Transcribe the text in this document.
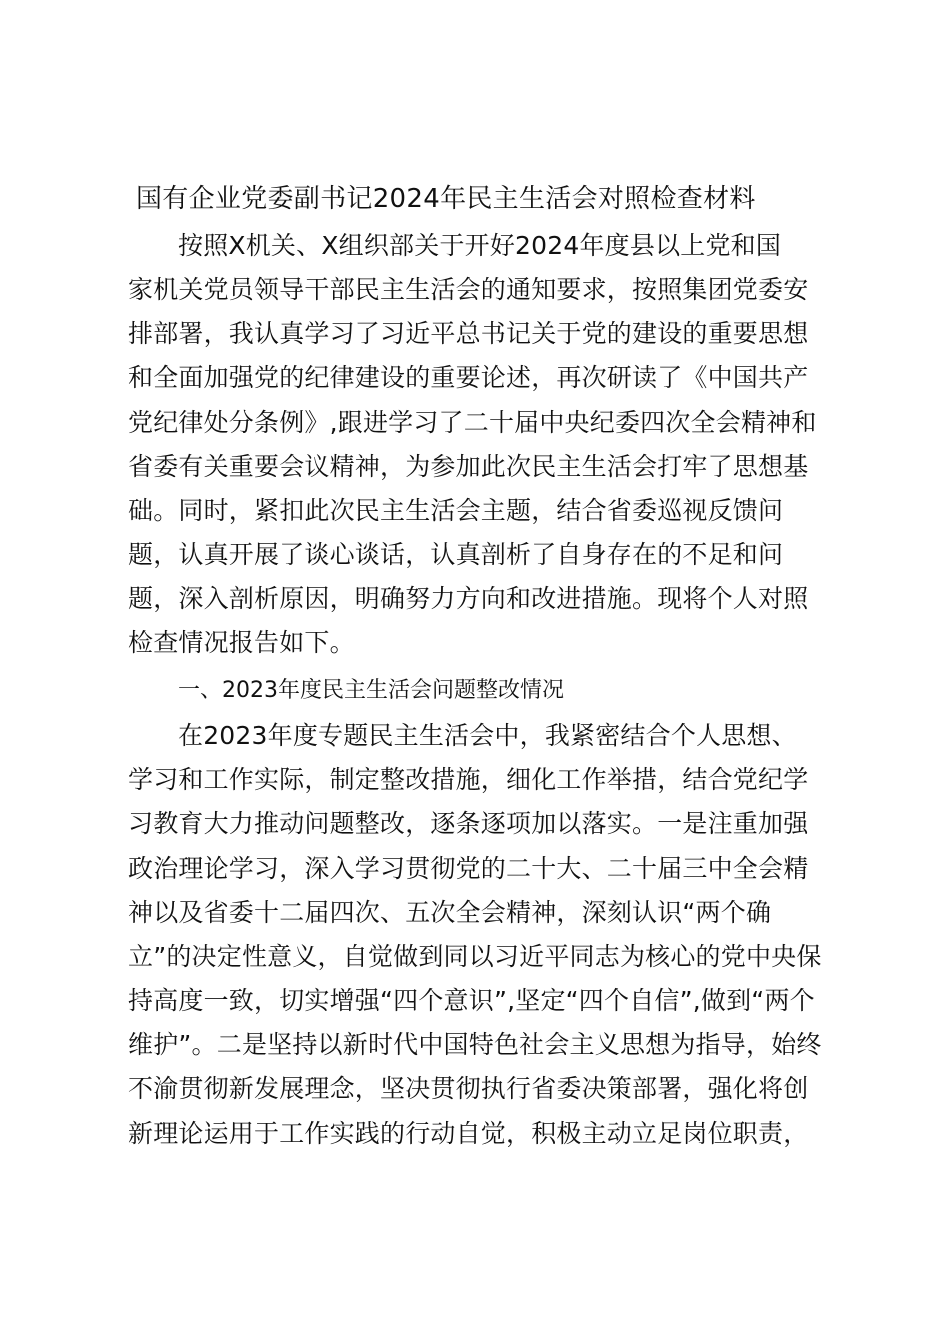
国有企业党委副书记2024年民主生活会对照检查材料
按照X机关、X组织部关于开好2024年度县以上党和国
家机关党员领导干部民主生活会的通知要求，按照集团党委安
排部署，我认真学习了习近平总书记关于党的建设的重要思想
和全面加强党的纪律建设的重要论述，再次研读了《中国共产
党纪律处分条例》,跟进学习了二十届中央纪委四次全会精神和
省委有关重要会议精神，为参加此次民主生活会打牢了思想基
础。同时，紧扣此次民主生活会主题，结合省委巡视反馈问
题，认真开展了谈心谈话，认真剖析了自身存在的不足和问
题，深入剖析原因，明确努力方向和改进措施。现将个人对照
检查情况报告如下。
一、2023年度民主生活会问题整改情况
在2023年度专题民主生活会中，我紧密结合个人思想、
学习和工作实际，制定整改措施，细化工作举措，结合党纪学
习教育大力推动问题整改，逐条逐项加以落实。一是注重加强
政治理论学习，深入学习贯彻党的二十大、二十届三中全会精
神以及省委十二届四次、五次全会精神，深刻认识“两个确
立”的决定性意义，自觉做到同以习近平同志为核心的党中央保
持高度一致，切实增强“四个意识”,坚定“四个自信”,做到“两个
维护”。二是坚持以新时代中国特色社会主义思想为指导，始终
不渝贯彻新发展理念，坚决贯彻执行省委决策部署，强化将创
新理论运用于工作实践的行动自觉，积极主动立足岗位职责，
